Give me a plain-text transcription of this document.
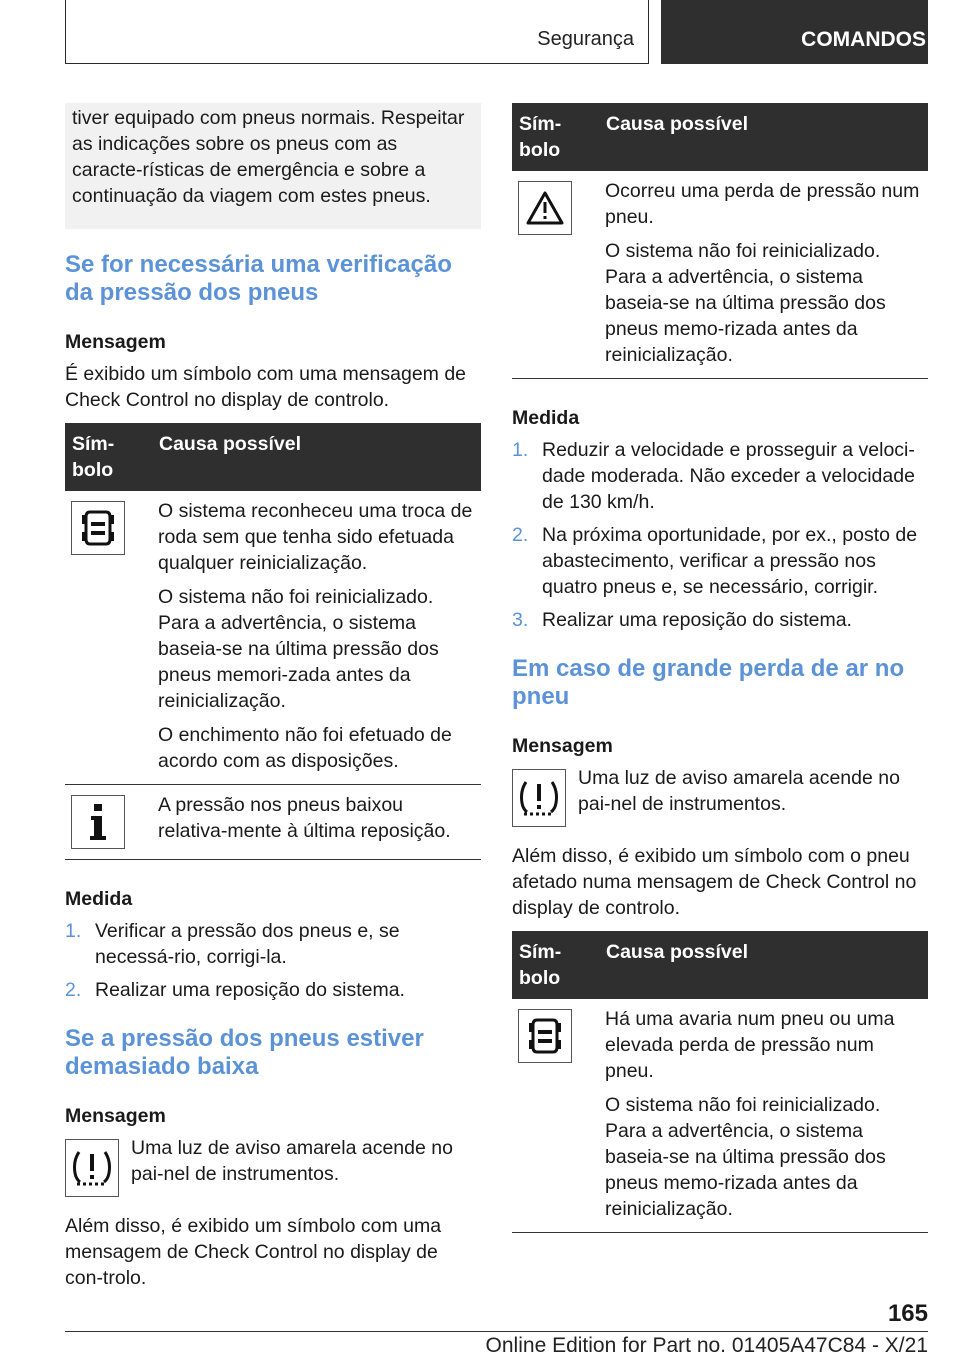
Segurança	COMANDOS
tiver equipado com pneus normais. Respeitar as indicações sobre os pneus com as caracte-rísticas de emergência e sobre a continuação da viagem com estes pneus.
Se for necessária uma verificação da pressão dos pneus
Mensagem
É exibido um símbolo com uma mensagem de Check Control no display de controlo.
Sím-bolo	Causa possível

O sistema reconheceu uma troca de roda sem que tenha sido efetuada qualquer reinicialização.

O sistema não foi reinicializado. Para a advertência, o sistema baseia-se na última pressão dos pneus memori-zada antes da reinicialização.

O enchimento não foi efetuado de acordo com as disposições.

A pressão nos pneus baixou relativa-mente à última reposição.

Medida
1. Verificar a pressão dos pneus e, se necessá-rio, corrigi-la.
2. Realizar uma reposição do sistema.
Se a pressão dos pneus estiver demasiado baixa
Mensagem
Uma luz de aviso amarela acende no pai-nel de instrumentos.
Além disso, é exibido um símbolo com uma mensagem de Check Control no display de con-trolo.
Sím-bolo	Causa possível

Ocorreu uma perda de pressão num pneu.

O sistema não foi reinicializado. Para a advertência, o sistema baseia-se na última pressão dos pneus memo-rizada antes da reinicialização.

Medida
1. Reduzir a velocidade e prosseguir a veloci-dade moderada. Não exceder a velocidade de 130 km/h.
2. Na próxima oportunidade, por ex., posto de abastecimento, verificar a pressão nos quatro pneus e, se necessário, corrigir.
3. Realizar uma reposição do sistema.
Em caso de grande perda de ar no pneu
Mensagem
Uma luz de aviso amarela acende no pai-nel de instrumentos.
Além disso, é exibido um símbolo com o pneu afetado numa mensagem de Check Control no display de controlo.
Sím-bolo	Causa possível

Há uma avaria num pneu ou uma elevada perda de pressão num pneu.

O sistema não foi reinicializado. Para a advertência, o sistema baseia-se na última pressão dos pneus memo-rizada antes da reinicialização.

165
Online Edition for Part no. 01405A47C84 - X/21
